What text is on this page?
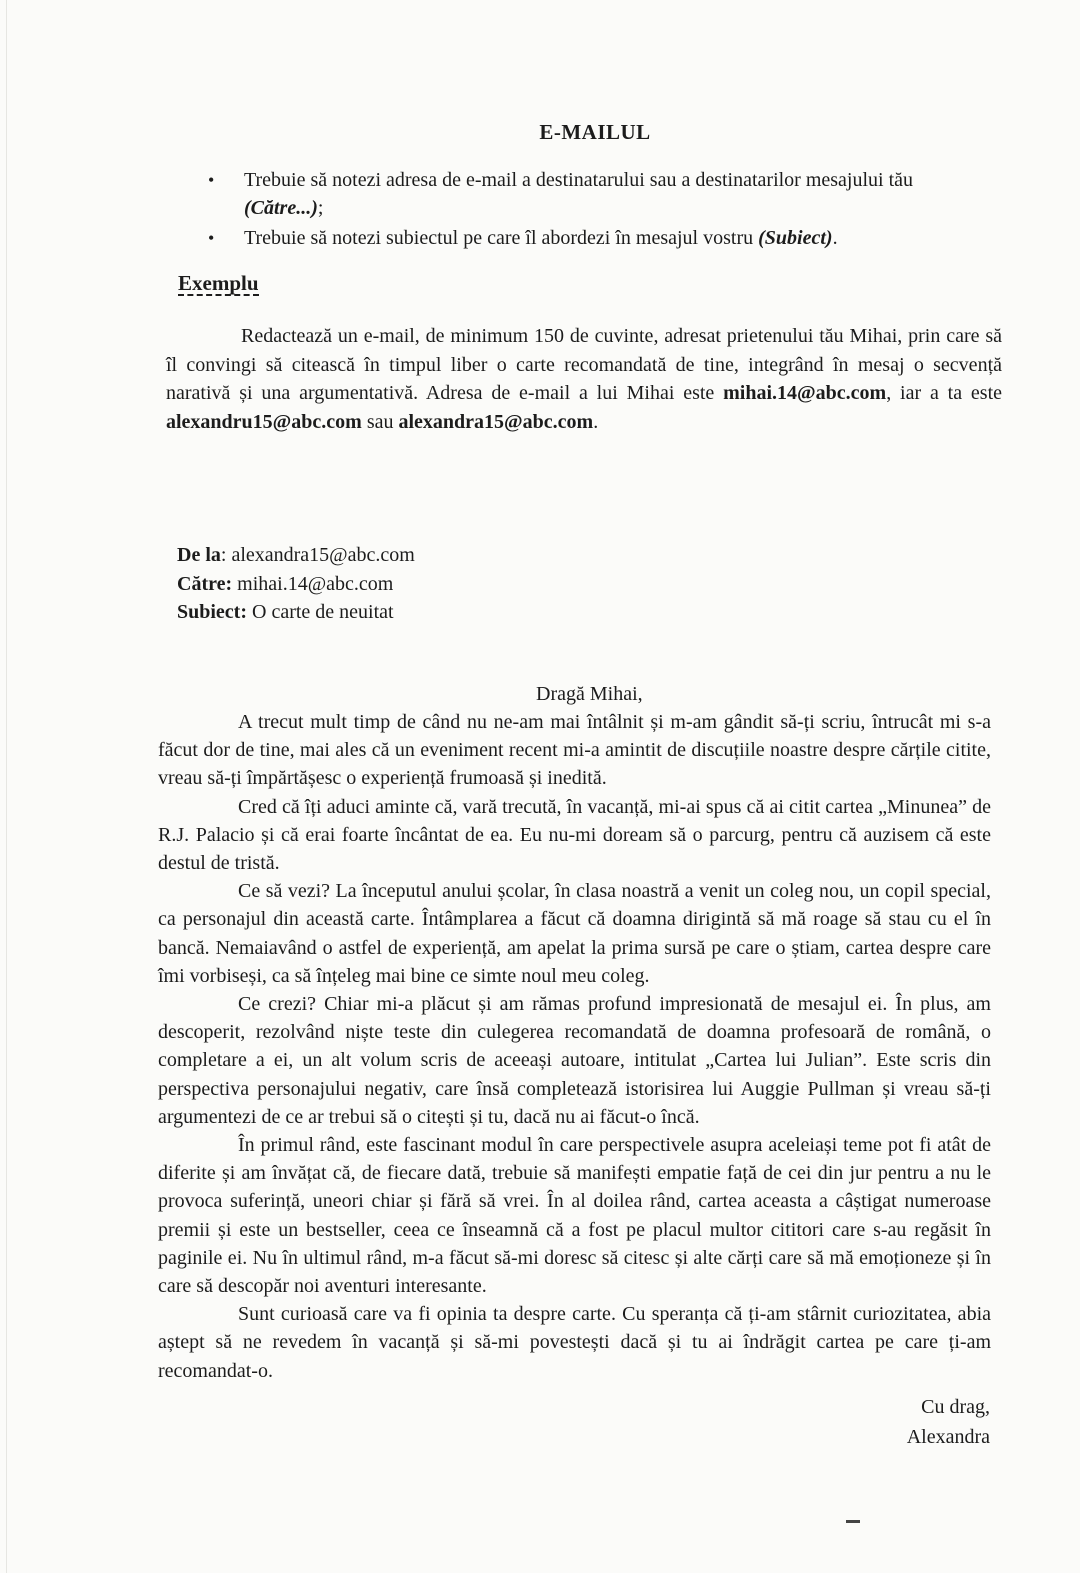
E-MAILUL
• Trebuie să notezi adresa de e-mail a destinatarului sau a destinatarilor mesajului tău (Către...);
• Trebuie să notezi subiectul pe care îl abordezi în mesajul vostru (Subiect).
Exemplu

Redactează un e-mail, de minimum 150 de cuvinte, adresat prietenului tău Mihai, prin care să îl convingi să citească în timpul liber o carte recomandată de tine, integrând în mesaj o secvență narativă și una argumentativă. Adresa de e-mail a lui Mihai este mihai.14@abc.com, iar a ta este alexandru15@abc.com sau alexandra15@abc.com.

De la: alexandra15@abc.com
Către: mihai.14@abc.com
Subiect: O carte de neuitat
Dragă Mihai,

A trecut mult timp de când nu ne-am mai întâlnit și m-am gândit să-ți scriu, întrucât mi s-a făcut dor de tine, mai ales că un eveniment recent mi-a amintit de discuțiile noastre despre cărțile citite, vreau să-ți împărtășesc o experiență frumoasă și inedită.

Cred că îți aduci aminte că, vară trecută, în vacanță, mi-ai spus că ai citit cartea „Minunea” de R.J. Palacio și că erai foarte încântat de ea. Eu nu-mi doream să o parcurg, pentru că auzisem că este destul de tristă.

Ce să vezi? La începutul anului școlar, în clasa noastră a venit un coleg nou, un copil special, ca personajul din această carte. Întâmplarea a făcut că doamna dirigintă să mă roage să stau cu el în bancă. Nemaiavând o astfel de experiență, am apelat la prima sursă pe care o știam, cartea despre care îmi vorbiseși, ca să înțeleg mai bine ce simte noul meu coleg.

Ce crezi? Chiar mi-a plăcut și am rămas profund impresionată de mesajul ei. În plus, am descoperit, rezolvând niște teste din culegerea recomandată de doamna profesoară de română, o completare a ei, un alt volum scris de aceeași autoare, intitulat „Cartea lui Julian”. Este scris din perspectiva personajului negativ, care însă completează istorisirea lui Auggie Pullman și vreau să-ți argumentezi de ce ar trebui să o citești și tu, dacă nu ai făcut-o încă.

În primul rând, este fascinant modul în care perspectivele asupra aceleiași teme pot fi atât de diferite și am învățat că, de fiecare dată, trebuie să manifești empatie față de cei din jur pentru a nu le provoca suferință, uneori chiar și fără să vrei. În al doilea rând, cartea aceasta a câștigat numeroase premii și este un bestseller, ceea ce înseamnă că a fost pe placul multor cititori care s-au regăsit în paginile ei. Nu în ultimul rând, m-a făcut să-mi doresc să citesc și alte cărți care să mă emoționeze și în care să descopăr noi aventuri interesante.

Sunt curioasă care va fi opinia ta despre carte. Cu speranța că ți-am stârnit curiozitatea, abia aștept să ne revedem în vacanță și să-mi povestești dacă și tu ai îndrăgit cartea pe care ți-am recomandat-o.

Cu drag,
Alexandra
